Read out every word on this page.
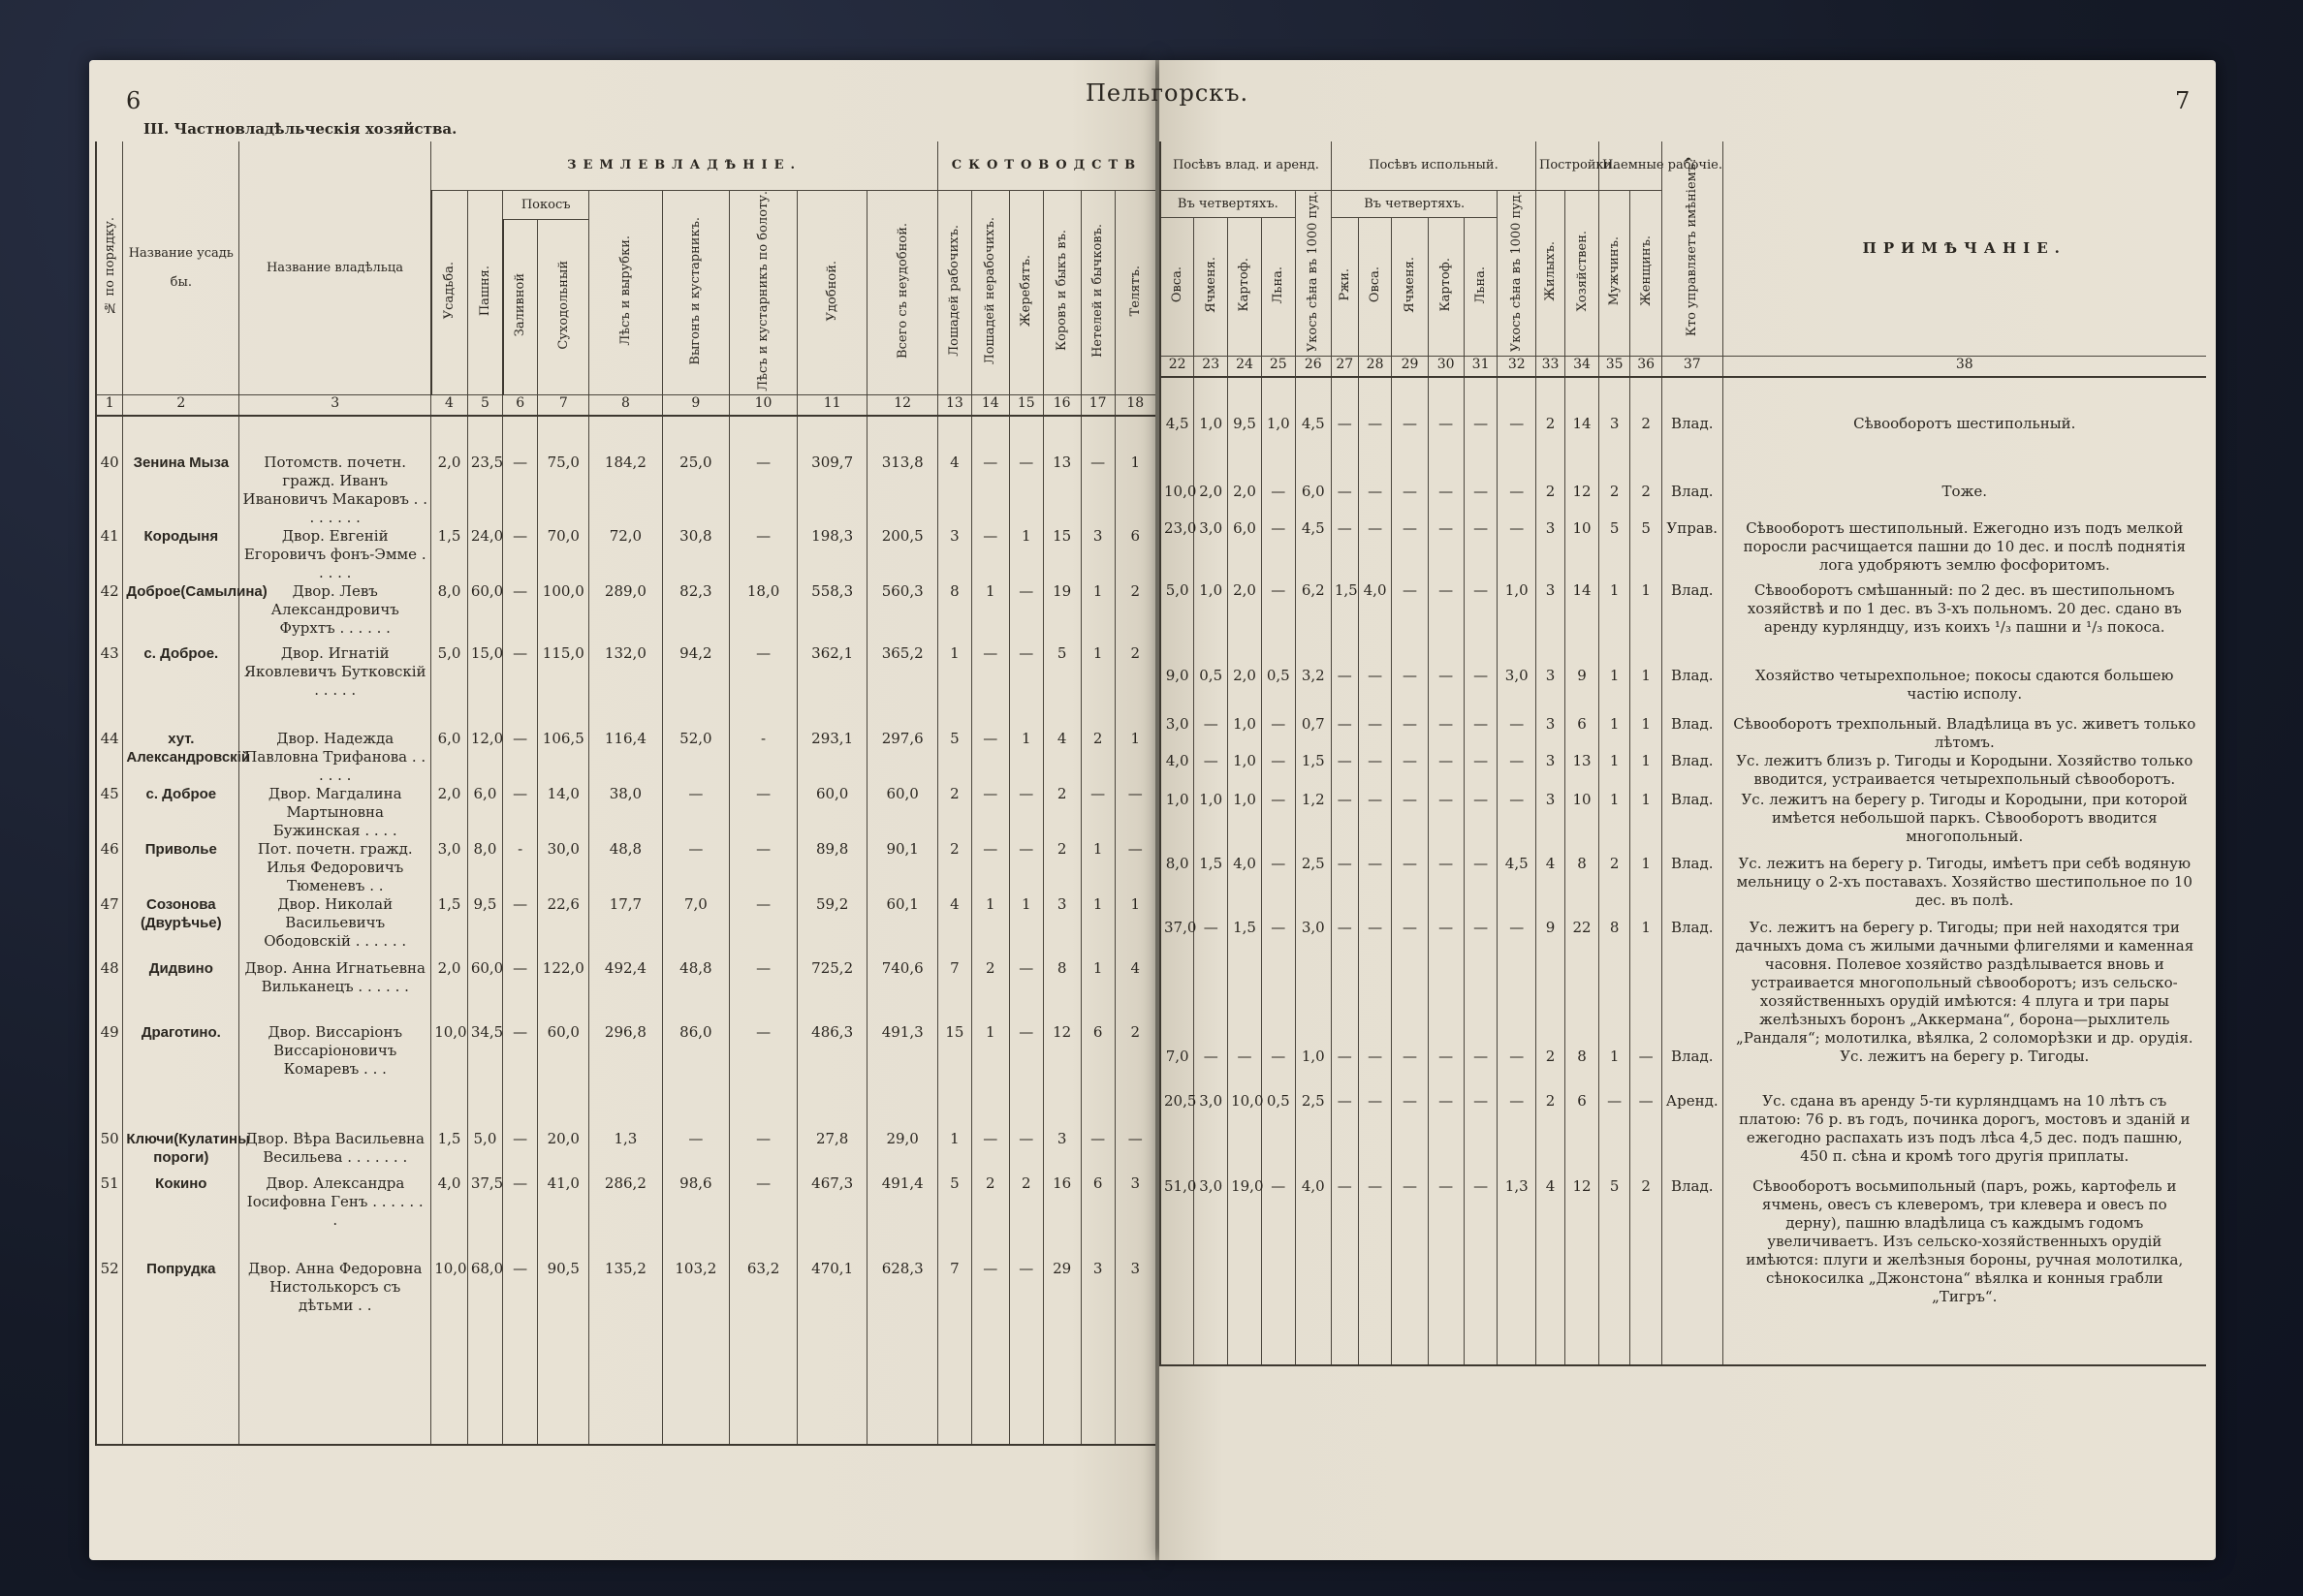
6
III. Частновладѣльческія хозяйства.
№ по порядку.	Название усадь
бы.	Название владѣльца	ЗЕМЛЕВЛАДѢНІЕ.									СКОТОВОДСТВ					
			Усадьба.	Пашня.	Покосъ		Лѣсъ и вырубки.	Выгонъ и кустарникъ.	Лѣсъ и кустарникъ по болоту.	Удобной.	Всего съ неудобной.	Лошадей рабочихъ.	Лошадей нерабочихъ.	Жеребятъ.	Коровъ и быкъ въ.	Нетелей и бычковъ.	Телятъ.
					Заливной	Суходольный											
1	2	3	4	5	6	7	8	9	10	11	12	13	14	15	16	17	18

40	Зенина Мыза	Потомств. почетн. гражд. Иванъ Ивановичъ Макаровъ . . . . . . . .	2,0	23,5	—	75,0	184,2	25,0	—	309,7	313,8	4	—	—	13	—	1
41	Кородыня	Двор. Евгеній Егоровичъ фонъ-Эмме . . . . .	1,5	24,0	—	70,0	72,0	30,8	—	198,3	200,5	3	—	1	15	3	6
42	Доброе(Самылина)	Двор. Левъ Александровичъ Фурхтъ . . . . . .	8,0	60,0	—	100,0	289,0	82,3	18,0	558,3	560,3	8	1	—	19	1	2
43	с. Доброе.	Двор. Игнатій Яковлевичъ Бутковскій . . . . .	5,0	15,0	—	115,0	132,0	94,2	—	362,1	365,2	1	—	—	5	1	2
44	хут. Александровскій	Двор. Надежда Павловна Трифанова . . . . . .	6,0	12,0	—	106,5	116,4	52,0	-	293,1	297,6	5	—	1	4	2	1
45	с. Доброе	Двор. Магдалина Мартыновна Бужинская . . . .	2,0	6,0	—	14,0	38,0	—	—	60,0	60,0	2	—	—	2	—	—
46	Привольe	Пот. почетн. гражд. Илья Федоровичъ Тюменевъ . .	3,0	8,0	-	30,0	48,8	—	—	89,8	90,1	2	—	—	2	1	—
47	Созонова (Двурѣчье)	Двор. Николай Васильевичъ Ободовскій . . . . . .	1,5	9,5	—	22,6	17,7	7,0	—	59,2	60,1	4	1	1	3	1	1
48	Дидвино	Двор. Анна Игнатьевна Вильканецъ . . . . . .	2,0	60,0	—	122,0	492,4	48,8	—	725,2	740,6	7	2	—	8	1	4
49	Драготино.	Двор. Виссаріонъ Виссаріоновичъ Комаревъ . . .	10,0	34,5	—	60,0	296,8	86,0	—	486,3	491,3	15	1	—	12	6	2
50	Ключи(Кулатины пороги)	Двор. Вѣра Васильевна Весильева . . . . . . .	1,5	5,0	—	20,0	1,3	—	—	27,8	29,0	1	—	—	3	—	—
51	Кокино	Двор. Александра Іосифовна Генъ . . . . . . .	4,0	37,5	—	41,0	286,2	98,6	—	467,3	491,4	5	2	2	16	6	3
52	Попрудка	Двор. Анна Федоровна Нистолькорсъ съ дѣтьми . .	10,0	68,0	—	90,5	135,2	103,2	63,2	470,1	628,3	7	—	—	29	3	3

Пельгорскъ.	7
Посѣвъ влад. и аренд.					Посѣвъ испольный.						Постройки.		Наемные рабочіе.		Кто управляетъ имѣніемъ?	ПРИМѢЧАНІЕ.
Въ четвертяхъ.				Укосъ сѣна въ 1000 пуд.	Въ четвертяхъ.					Укосъ сѣна въ 1000 пуд.	Жилыхъ.	Хозяйствен.	Мужчинъ.	Женщинъ.		
Овса.	Ячменя.	Картоф.	Льна.		Ржи.	Овса.	Ячменя.	Картоф.	Льна.							
22	23	24	25	26	27	28	29	30	31	32	33	34	35	36	37	38

4,5	1,0	9,5	1,0	4,5	—	—	—	—	—	—	2	14	3	2	Влад.	Сѣвооборотъ шестипольный.
10,0	2,0	2,0	—	6,0	—	—	—	—	—	—	2	12	2	2	Влад.	Тоже.
23,0	3,0	6,0	—	4,5	—	—	—	—	—	—	3	10	5	5	Управ.	Сѣвооборотъ шестипольный. Ежегодно изъ подъ мелкой поросли расчищается пашни до 10 дес. и послѣ поднятія лога удобряютъ землю фосфоритомъ.
5,0	1,0	2,0	—	6,2	1,5	4,0	—	—	—	1,0	3	14	1	1	Влад.	Сѣвооборотъ смѣшанный: по 2 дес. въ шестипольномъ хозяйствѣ и по 1 дес. въ 3-хъ польномъ. 20 дес. сдано въ аренду курляндцу, изъ коихъ ¹/₃ пашни и ¹/₃ покоса.
9,0	0,5	2,0	0,5	3,2	—	—	—	—	—	3,0	3	9	1	1	Влад.	Хозяйство четырехпольное; покосы сдаются большею частію исполу.
3,0	—	1,0	—	0,7	—	—	—	—	—	—	3	6	1	1	Влад.	Сѣвооборотъ трехпольный. Владѣлица въ ус. живетъ только лѣтомъ.
4,0	—	1,0	—	1,5	—	—	—	—	—	—	3	13	1	1	Влад.	Ус. лежитъ близъ р. Тигоды и Кородыни. Хозяйство только вводится, устраивается четырехпольный сѣвооборотъ.
1,0	1,0	1,0	—	1,2	—	—	—	—	—	—	3	10	1	1	Влад.	Ус. лежитъ на берегу р. Тигоды и Кородыни, при которой имѣется небольшой паркъ. Сѣвооборотъ вводится многопольный.
8,0	1,5	4,0	—	2,5	—	—	—	—	—	4,5	4	8	2	1	Влад.	Ус. лежитъ на берегу р. Тигоды, имѣетъ при себѣ водяную мельницу о 2-хъ поставахъ. Хозяйство шестипольное по 10 дес. въ полѣ.
37,0	—	1,5	—	3,0	—	—	—	—	—	—	9	22	8	1	Влад.	Ус. лежитъ на берегу р. Тигоды; при ней находятся три дачныхъ дома съ жилыми дачными флигелями и каменная часовня. Полевое хозяйство раздѣлывается вновь и устраивается многопольный сѣвооборотъ; изъ сельско-хозяйственныхъ орудій имѣются: 4 плуга и три пары желѣзныхъ боронъ „Аккермана“, борона—рыхлитель „Рандаля“; молотилка, вѣялка, 2 соломорѣзки и др. орудія.
7,0	—	—	—	1,0	—	—	—	—	—	—	2	8	1	—	Влад.	Ус. лежитъ на берегу р. Тигоды.
20,5	3,0	10,0	0,5	2,5	—	—	—	—	—	—	2	6	—	—	Аренд.	Ус. сдана въ аренду 5-ти курляндцамъ на 10 лѣтъ съ платою: 76 р. въ годъ, починка дорогъ, мостовъ и зданій и ежегодно распахать изъ подъ лѣса 4,5 дес. подъ пашню, 450 п. сѣна и кромѣ того другія приплаты.
51,0	3,0	19,0	—	4,0	—	—	—	—	—	1,3	4	12	5	2	Влад.	Сѣвооборотъ восьмипольный (паръ, рожь, картофель и ячмень, овесъ съ клеверомъ, три клевера и овесъ по дерну), пашню владѣлица съ каждымъ годомъ увеличиваетъ. Изъ сельско-хозяйственныхъ орудій имѣются: плуги и желѣзныя бороны, ручная молотилка, сѣнокосилка „Джонстона“ вѣялка и конныя грабли „Тигръ“.
